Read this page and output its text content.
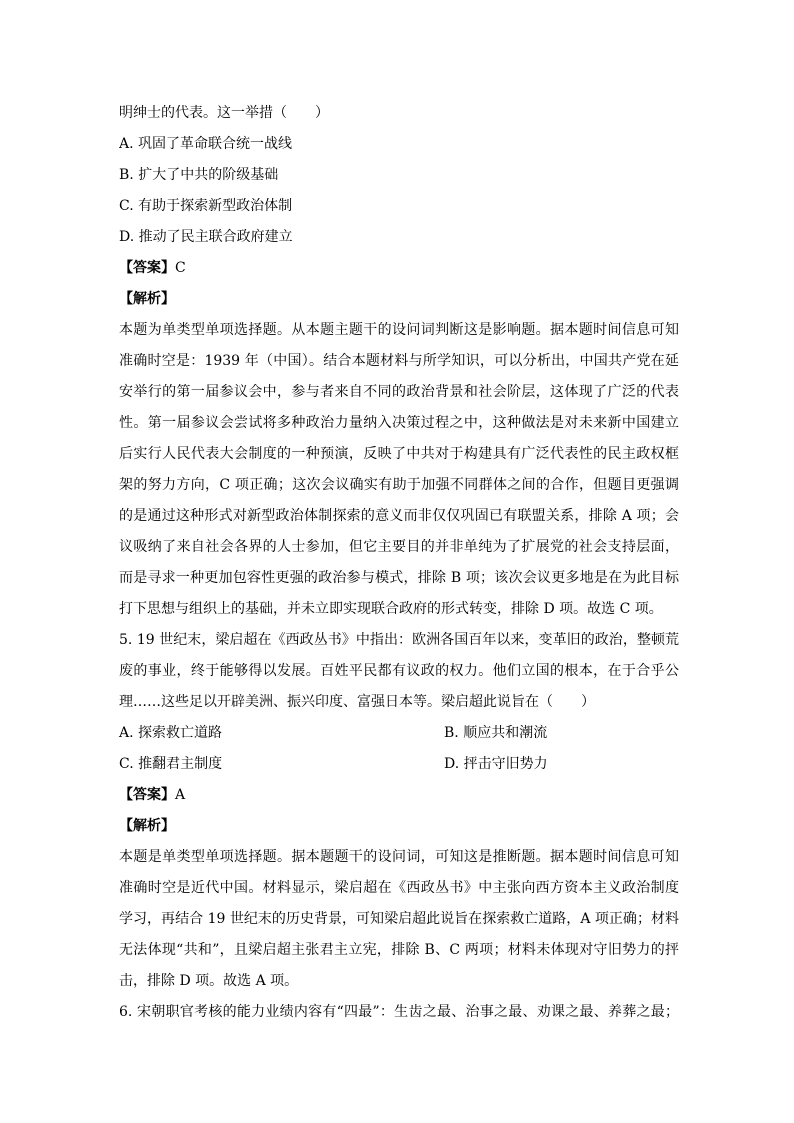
明绅士的代表。这一举措（　　）
A. 巩固了革命联合统一战线
B. 扩大了中共的阶级基础
C. 有助于探索新型政治体制
D. 推动了民主联合政府建立
【答案】C
【解析】
本题为单类型单项选择题。从本题主题干的设问词判断这是影响题。据本题时间信息可知
准确时空是：1939 年（中国）。结合本题材料与所学知识，可以分析出，中国共产党在延
安举行的第一届参议会中，参与者来自不同的政治背景和社会阶层，这体现了广泛的代表
性。第一届参议会尝试将多种政治力量纳入决策过程之中，这种做法是对未来新中国建立
后实行人民代表大会制度的一种预演，反映了中共对于构建具有广泛代表性的民主政权框
架的努力方向，C 项正确；这次会议确实有助于加强不同群体之间的合作，但题目更强调
的是通过这种形式对新型政治体制探索的意义而非仅仅巩固已有联盟关系，排除 A 项；会
议吸纳了来自社会各界的人士参加，但它主要目的并非单纯为了扩展党的社会支持层面，
而是寻求一种更加包容性更强的政治参与模式，排除 B 项；该次会议更多地是在为此目标
打下思想与组织上的基础，并未立即实现联合政府的形式转变，排除 D 项。故选 C 项。
5. 19 世纪末，梁启超在《西政丛书》中指出：欧洲各国百年以来，变革旧的政治，整顿荒
废的事业，终于能够得以发展。百姓平民都有议政的权力。他们立国的根本，在于合乎公
理……这些足以开辟美洲、振兴印度、富强日本等。梁启超此说旨在（　　）
A. 探索救亡道路	B. 顺应共和潮流
C. 推翻君主制度	D. 抨击守旧势力
【答案】A
【解析】
本题是单类型单项选择题。据本题题干的设问词，可知这是推断题。据本题时间信息可知
准确时空是近代中国。材料显示，梁启超在《西政丛书》中主张向西方资本主义政治制度
学习，再结合 19 世纪末的历史背景，可知梁启超此说旨在探索救亡道路，A 项正确；材料
无法体现“共和”，且梁启超主张君主立宪，排除 B、C 两项；材料未体现对守旧势力的抨
击，排除 D 项。故选 A 项。
6. 宋朝职官考核的能力业绩内容有“四最”：生齿之最、治事之最、劝课之最、养葬之最；
